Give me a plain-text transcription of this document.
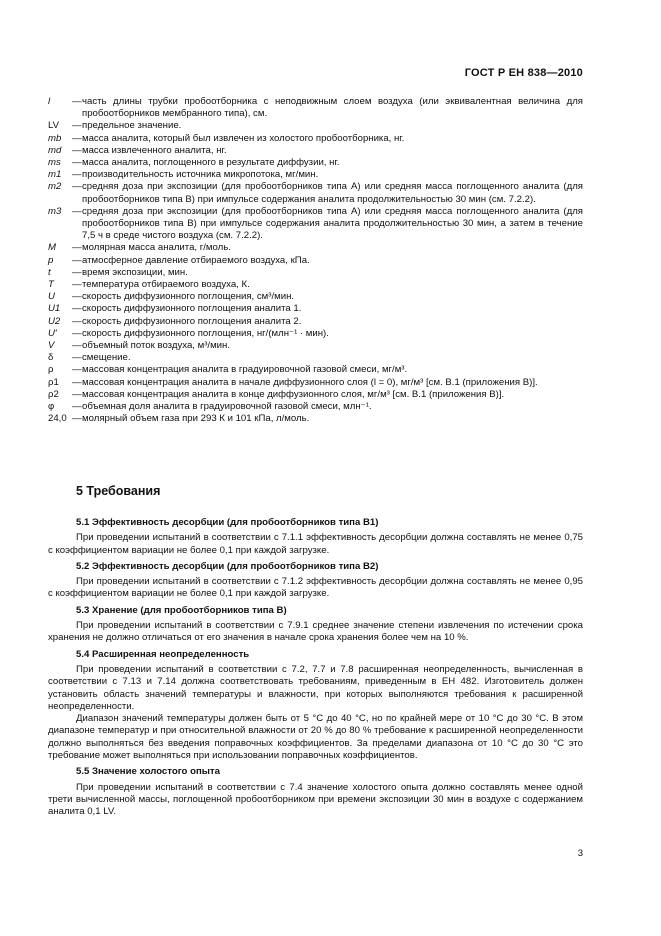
ГОСТ Р ЕН 838—2010
l	— часть длины трубки пробоотборника с неподвижным слоем воздуха (или эквивалентная величина для пробоотборников мембранного типа), см.
LV	— предельное значение.
mb	— масса аналита, который был извлечен из холостого пробоотборника, нг.
md	— масса извлеченного аналита, нг.
ms	— масса аналита, поглощенного в результате диффузии, нг.
m1	— производительность источника микропотока, мг/мин.
m2	— средняя доза при экспозиции (для пробоотборников типа А) или средняя масса поглощенного аналита (для пробоотборников типа В) при импульсе содержания аналита продолжительностью 30 мин (см. 7.2.2).
m3	— средняя доза при экспозиции (для пробоотборников типа А) или средняя масса поглощенного аналита (для пробоотборников типа В) при импульсе содержания аналита продолжительностью 30 мин, а затем в течение 7,5 ч в среде чистого воздуха (см. 7.2.2).
M	— молярная масса аналита, г/моль.
p	— атмосферное давление отбираемого воздуха, кПа.
t	— время экспозиции, мин.
T	— температура отбираемого воздуха, К.
U	— скорость диффузионного поглощения, см³/мин.
U1	— скорость диффузионного поглощения аналита 1.
U2	— скорость диффузионного поглощения аналита 2.
U′	— скорость диффузионного поглощения, нг/(млн⁻¹ · мин).
V	— объемный поток воздуха, м³/мин.
δ	— смещение.
ρ	— массовая концентрация аналита в градуировочной газовой смеси, мг/м³.
ρ1	— массовая концентрация аналита в начале диффузионного слоя (l = 0), мг/м³ [см. В.1 (приложения В)].
ρ2	— массовая концентрация аналита в конце диффузионного слоя, мг/м³ [см. В.1 (приложения В)].
φ	— объемная доля аналита в градуировочной газовой смеси, млн⁻¹.
24,0 — молярный объем газа при 293 К и 101 кПа, л/моль.
5 Требования
5.1 Эффективность десорбции (для пробоотборников типа В1)

При проведении испытаний в соответствии с 7.1.1 эффективность десорбции должна составлять не менее 0,75 с коэффициентом вариации не более 0,1 при каждой загрузке.

5.2 Эффективность десорбции (для пробоотборников типа В2)

При проведении испытаний в соответствии с 7.1.2 эффективность десорбции должна составлять не менее 0,95 с коэффициентом вариации не более 0,1 при каждой загрузке.

5.3 Хранение (для пробоотборников типа В)

При проведении испытаний в соответствии с 7.9.1 среднее значение степени извлечения по истечении срока хранения не должно отличаться от его значения в начале срока хранения более чем на 10 %.

5.4 Расширенная неопределенность

При проведении испытаний в соответствии с 7.2, 7.7 и 7.8 расширенная неопределенность, вычисленная в соответствии с 7.13 и 7.14 должна соответствовать требованиям, приведенным в ЕН 482. Изготовитель должен установить область значений температуры и влажности, при которых выполняются требования к расширенной неопределенности.

Диапазон значений температуры должен быть от 5 °С до 40 °С, но по крайней мере от 10 °С до 30 °С. В этом диапазоне температур и при относительной влажности от 20 % до 80 % требование к расширенной неопределенности должно выполняться без введения поправочных коэффициентов. За пределами диапазона от 10 °С до 30 °С это требование может выполняться при использовании поправочных коэффициентов.

5.5 Значение холостого опыта

При проведении испытаний в соответствии с 7.4 значение холостого опыта должно составлять менее одной трети вычисленной массы, поглощенной пробоотборником при времени экспозиции 30 мин в воздухе с содержанием аналита 0,1 LV.

3
